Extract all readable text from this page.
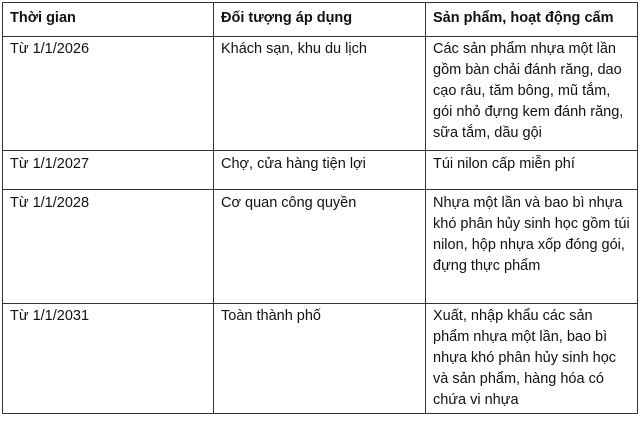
Thời gian	Đối tượng áp dụng	Sản phẩm, hoạt động cấm
Từ 1/1/2026	Khách sạn, khu du lịch	Các sản phẩm nhựa một lần gồm bàn chải đánh răng, dao cạo râu, tăm bông, mũ tắm, gói nhỏ đựng kem đánh răng, sữa tắm, dầu gội
Từ 1/1/2027	Chợ, cửa hàng tiện lợi	Túi nilon cấp miễn phí
Từ 1/1/2028	Cơ quan công quyền	Nhựa một lần và bao bì nhựa khó phân hủy sinh học gồm túi nilon, hộp nhựa xốp đóng gói, đựng thực phẩm
Từ 1/1/2031	Toàn thành phố	Xuất, nhập khẩu các sản phẩm nhựa một lần, bao bì nhựa khó phân hủy sinh học và sản phẩm, hàng hóa có chứa vi nhựa
